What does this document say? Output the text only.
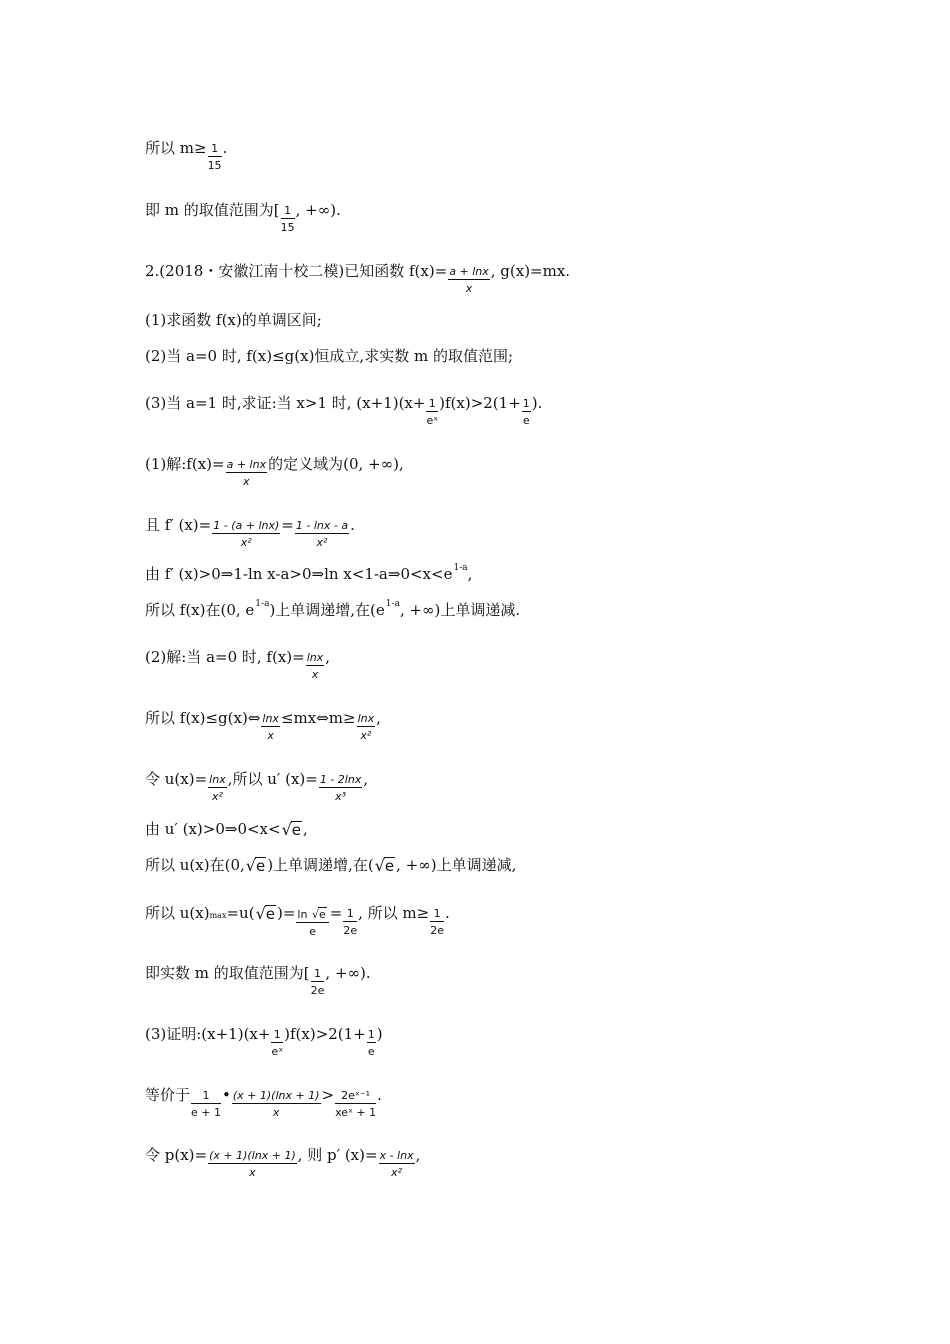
所以 $m\ge \frac{1}{15}$ .
即 m 的取值范围为[ $\frac{1}{15}$ , +∞).
2.(2018・安徽江南十校二模)已知函数 $f(x)= \frac{a + \ln x}{x}$ , g(x)=mx.
(1)求函数 f(x)的单调区间;
(2)当 a=0 时, f(x)≤g(x)恒成立,求实数 m 的取值范围;
(3)当 a=1 时,求证:当 x>1 时, $(x+1)(x+ \frac{1}{\text{eˣ}} )f(x)>2(1+ \frac{1}{e}$ ).
(1)解:f(x)= $\frac{a + \ln x}{x}$ 的定义域为(0, +∞),
且 f′ $(x)= \frac{1 - (a + \ln x)}{\text{x²}} = \frac{1 - \ln x - a}{\text{x²}}$ .
由 f′ (x)>0⇒1-ln x-a>0⇒ln x<1-a⇒0<x<e 1-a ,
所以 f(x)在(0, e 1-a )上单调递增,在(e 1-a , +∞)上单调递减.
(2)解:当 a=0 时, $f(x)= \frac{\ln x}{x}$ ,
所以 f(x)≤g(x)⇔ $\frac{\ln x}{x}$ ≤mx⇔m≥ $\frac{\ln x}{\text{x²}}$ ,
令 $u(x)= \frac{\ln x}{\text{x²}}$ ,所以 u′ $(x)= \frac{1 - 2\ln x}{\text{x³}}$ ,
由 u′ (x)>0⇒0<x< √ e ,
所以 u(x)在(0, √ e )上单调递增,在( √ e , +∞)上单调递减,
所以 u(x) max =u( √ e )= $\frac{\ln √ e}{e} = \frac{1}{2e}$ , 所以 $m\ge \frac{1}{2e}$ .
即实数 m 的取值范围为[ $\frac{1}{2e}$ , +∞).
(3)证明:(x+1)(x+ $\frac{1}{\text{eˣ}} )f(x)>2(1+ \frac{1}{e}$ )
等价于 $\frac{1}{e + 1}$ • $\frac{(x + 1)(\ln x + 1)}{x} > \frac{\text{2eˣ⁻¹}}{\text{xeˣ + 1}}$ .
令 $p(x)= \frac{(x + 1)(\ln x + 1)}{x}$ , 则 p′ $(x)= \frac{x - \ln x}{\text{x²}}$ ,
